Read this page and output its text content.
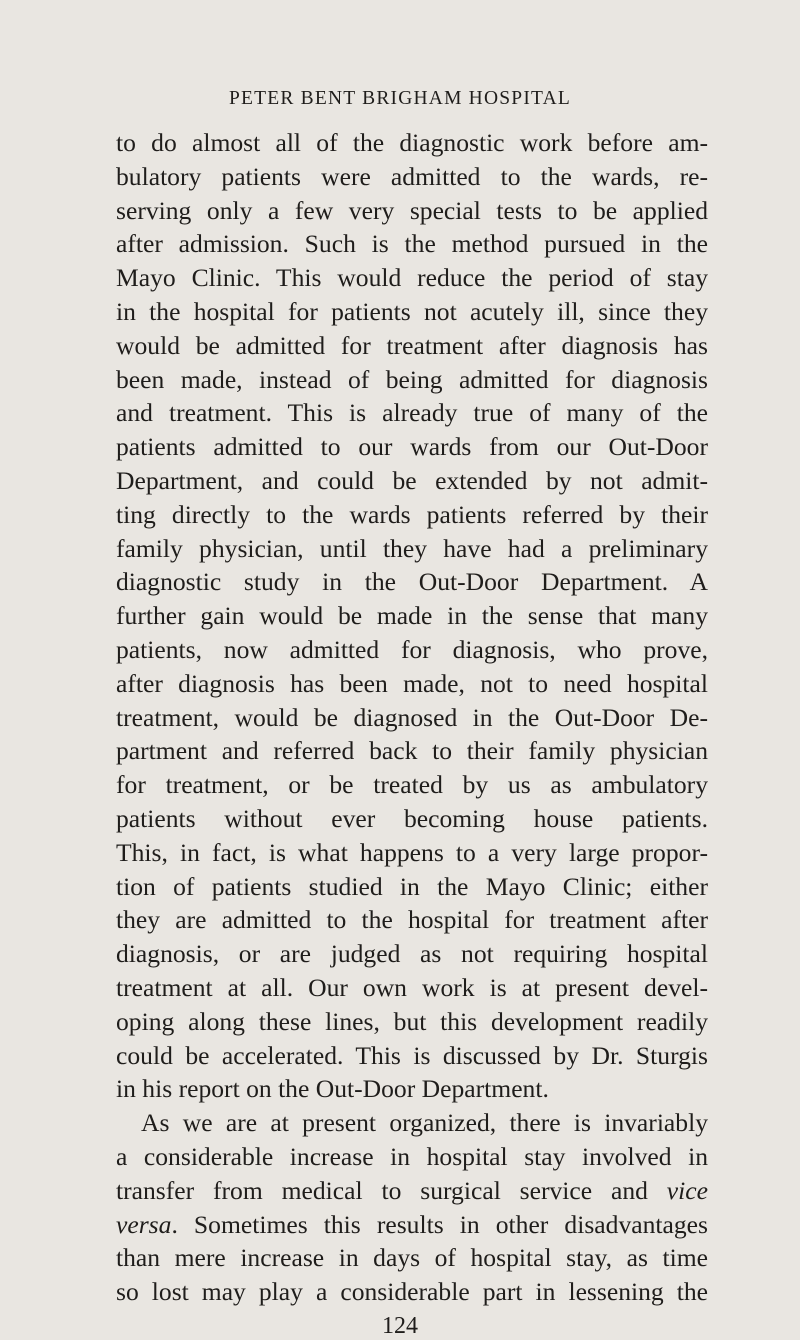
PETER BENT BRIGHAM HOSPITAL
to do almost all of the diagnostic work before am-
bulatory patients were admitted to the wards, re-
serving only a few very special tests to be applied
after admission. Such is the method pursued in the
Mayo Clinic. This would reduce the period of stay
in the hospital for patients not acutely ill, since they
would be admitted for treatment after diagnosis has
been made, instead of being admitted for diagnosis
and treatment. This is already true of many of the
patients admitted to our wards from our Out-Door
Department, and could be extended by not admit-
ting directly to the wards patients referred by their
family physician, until they have had a preliminary
diagnostic study in the Out-Door Department. A
further gain would be made in the sense that many
patients, now admitted for diagnosis, who prove,
after diagnosis has been made, not to need hospital
treatment, would be diagnosed in the Out-Door De-
partment and referred back to their family physician
for treatment, or be treated by us as ambulatory
patients without ever becoming house patients.
This, in fact, is what happens to a very large propor-
tion of patients studied in the Mayo Clinic; either
they are admitted to the hospital for treatment after
diagnosis, or are judged as not requiring hospital
treatment at all. Our own work is at present devel-
oping along these lines, but this development readily
could be accelerated. This is discussed by Dr. Sturgis
in his report on the Out-Door Department.
As we are at present organized, there is invariably
124
a considerable increase in hospital stay involved in
transfer from medical to surgical service and vice
versa. Sometimes this results in other disadvantages
than mere increase in days of hospital stay, as time
so lost may play a considerable part in lessening the
